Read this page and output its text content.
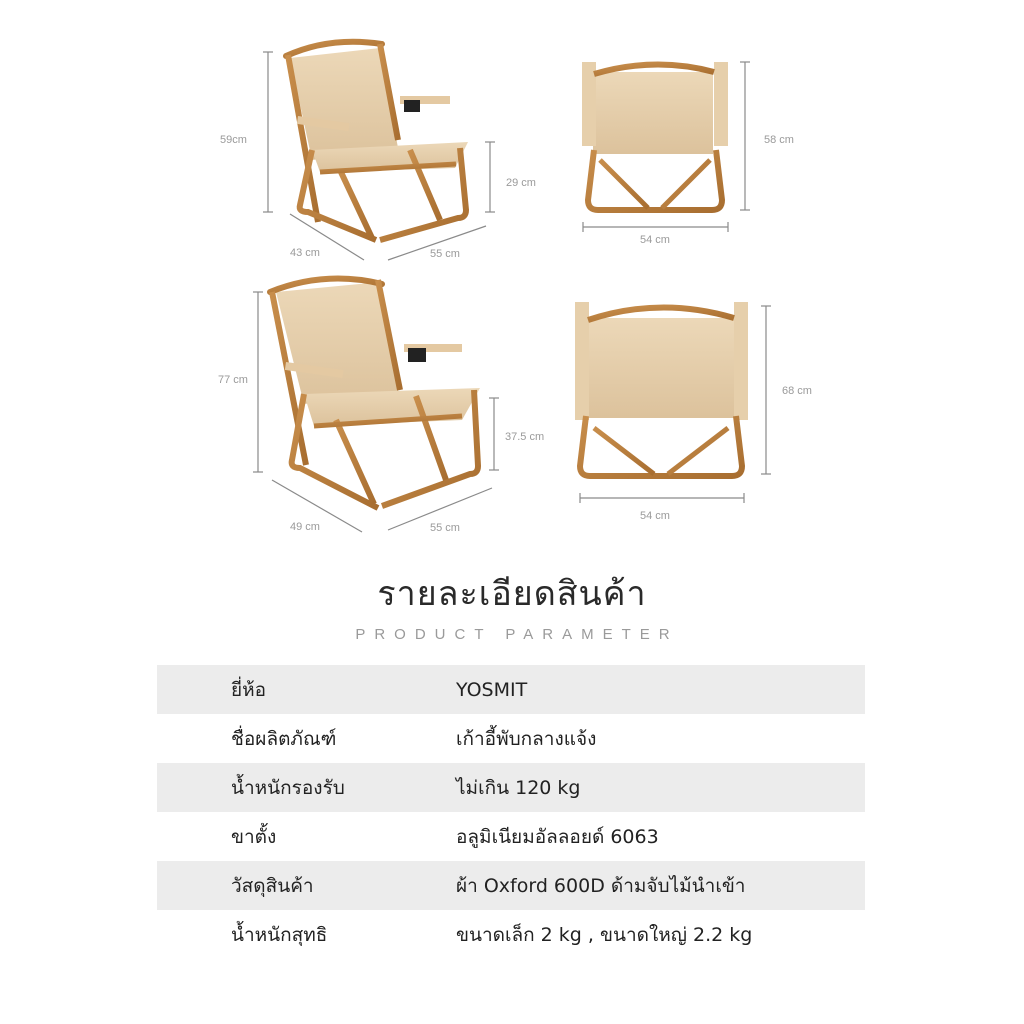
59cm
29 cm
43 cm	55 cm
58 cm
54 cm
77 cm
37.5 cm
49 cm	55 cm
68 cm
54 cm
รายละเอียดสินค้า
PRODUCT PARAMETER
ยี่ห้อ	YOSMIT
ชื่อผลิตภัณฑ์	เก้าอี้พับกลางแจ้ง
น้ำหนักรองรับ	ไม่เกิน 120 kg
ขาตั้ง	อลูมิเนียมอัลลอยด์ 6063
วัสดุสินค้า	ผ้า Oxford 600D ด้ามจับไม้นำเข้า
น้ำหนักสุทธิ	ขนาดเล็ก 2 kg , ขนาดใหญ่ 2.2 kg
